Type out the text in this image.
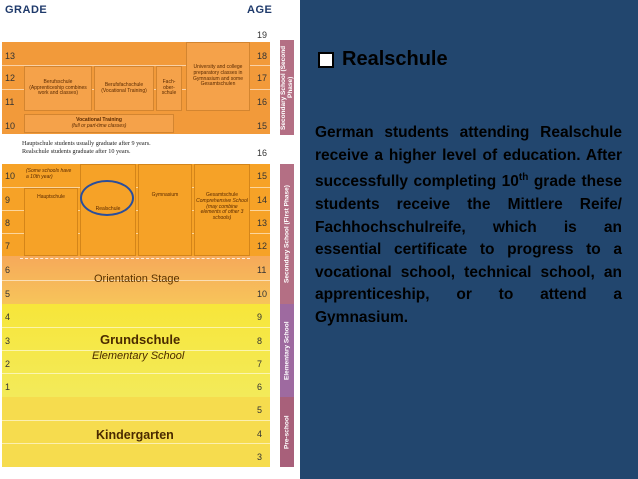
GRADE	AGE
13
12
11
10
10
9
8
7
6
5
4
3
2
1
19
18
17
16
15
16
15
14
13
12
11
10
9
8
7
6
5
4
3
Berufsschule (Apprenticeship combines work and classes)
Berufsfachschule (Vocational Training)
Fach-ober-schule
University and college preparatory classes in Gymnasium and some Gesamtschulen
Vocational Training
(full or part-time classes)
Hauptschule students usually graduate after 9 years.
Realschule students graduate after 10 years.
(Some schools have a 10th year)
Hauptschule
Realschule
Gymnasium	Gesamtschule
Comprehensive School (may combine elements of other 3 schools)
Orientation Stage
Grundschule
Elementary School
Kindergarten
Secondary School (Second Phase)
Secondary School (First Phase)
Elementary School
Pre-school
Realschule
German students attending Realschule receive a higher level of education. After successfully completing 10th grade these students receive the Mittlere Reife/ Fachhochschulreife, which is an essential certificate to progress to a vocational school, technical school, an apprenticeship, or to attend a Gymnasium.
